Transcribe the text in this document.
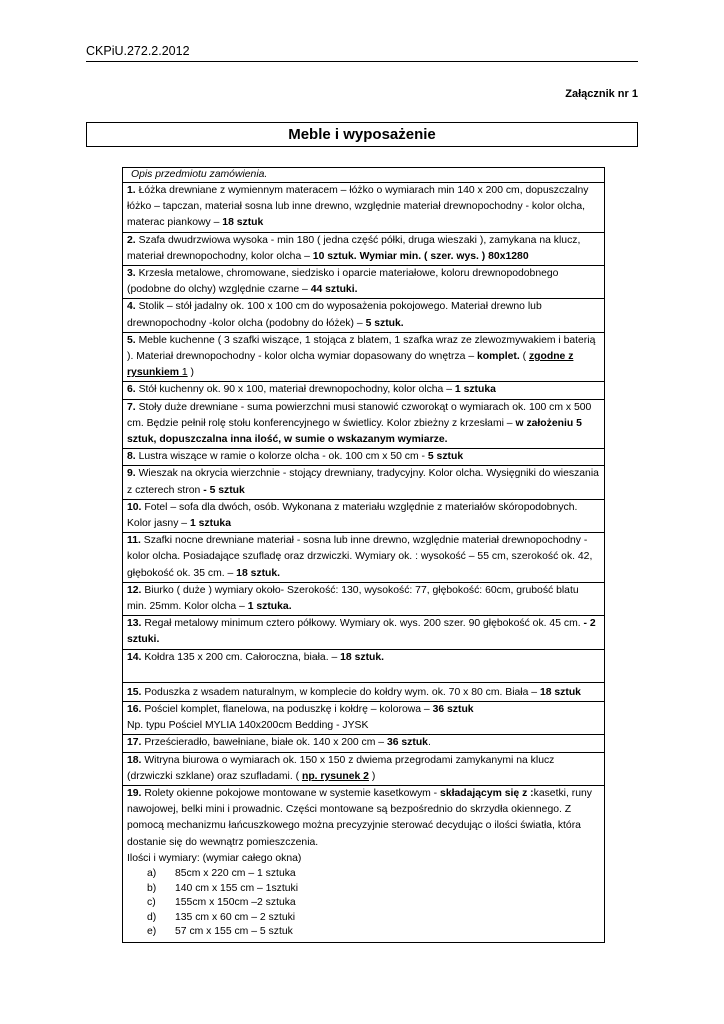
CKPiU.272.2.2012
Załącznik nr 1
Meble i wyposażenie
Opis przedmiotu zamówienia.
1. Łóżka drewniane z wymiennym materacem – łóżko o wymiarach min 140 x 200 cm, dopuszczalny łóżko – tapczan, materiał sosna lub inne drewno, względnie materiał drewnopochodny - kolor olcha, materac piankowy – 18 sztuk
2. Szafa dwudrzwiowa wysoka - min 180 ( jedna część półki, druga wieszaki ), zamykana na klucz, materiał drewnopochodny, kolor olcha – 10 sztuk. Wymiar min. ( szer. wys. ) 80x1280
3. Krzesła metalowe, chromowane, siedzisko i oparcie materiałowe, koloru drewnopodobnego (podobne do olchy) względnie czarne – 44 sztuki.
4. Stolik – stół jadalny ok. 100 x 100 cm do wyposażenia pokojowego. Materiał drewno lub drewnopochodny -kolor olcha (podobny do łóżek) – 5 sztuk.
5. Meble kuchenne ( 3 szafki wiszące, 1 stojąca z blatem, 1 szafka wraz ze zlewozmywakiem i baterią ). Materiał drewnopochodny - kolor olcha wymiar dopasowany do wnętrza – komplet. ( zgodne z rysunkiem 1 )
6. Stół kuchenny ok. 90 x 100, materiał drewnopochodny, kolor olcha – 1 sztuka
7. Stoły duże drewniane - suma powierzchni musi stanowić czworokąt o wymiarach ok. 100 cm x 500 cm. Będzie pełnił rolę stołu konferencyjnego w świetlicy. Kolor zbieżny z krzesłami – w założeniu 5 sztuk, dopuszczalna inna ilość, w sumie o wskazanym wymiarze.
8. Lustra wiszące w ramie o kolorze olcha - ok. 100 cm x 50 cm - 5 sztuk
9. Wieszak na okrycia wierzchnie - stojący drewniany, tradycyjny. Kolor olcha. Wysięgniki do wieszania z czterech stron - 5 sztuk
10. Fotel – sofa dla dwóch, osób. Wykonana z materiału względnie z materiałów skóropodobnych. Kolor jasny – 1 sztuka
11. Szafki nocne drewniane materiał - sosna lub inne drewno, względnie materiał drewnopochodny - kolor olcha. Posiadające szufladę oraz drzwiczki. Wymiary ok. : wysokość – 55 cm, szerokość ok. 42, głębokość ok. 35 cm. – 18 sztuk.
12. Biurko ( duże ) wymiary około- Szerokość: 130, wysokość: 77, głębokość: 60cm, grubość blatu min. 25mm. Kolor olcha – 1 sztuka.
13. Regał metalowy minimum cztero półkowy. Wymiary ok. wys. 200 szer. 90 głębokość ok. 45 cm. - 2 sztuki.
14. Kołdra 135 x 200 cm. Całoroczna, biała. – 18 sztuk.
15. Poduszka z wsadem naturalnym, w komplecie do kołdry wym. ok. 70 x 80 cm. Biała – 18 sztuk

16. Pościel komplet, flanelowa, na poduszkę i kołdrę – kolorowa – 36 sztuk
Np. typu Pościel MYLIA 140x200cm Bedding - JYSK

17. Prześcieradło, bawełniane, białe ok. 140 x 200 cm – 36 sztuk.
18. Witryna biurowa o wymiarach ok. 150 x 150 z dwiema przegrodami zamykanymi na klucz (drzwiczki szklane) oraz szufladami. ( np. rysunek 2 )

19. Rolety okienne pokojowe montowane w systemie kasetkowym - składającym się z :kasetki, runy nawojowej, belki mini i prowadnic. Części montowane są bezpośrednio do skrzydła okiennego. Z pomocą mechanizmu łańcuszkowego można precyzyjnie sterować decydując o ilości światła, która dostanie się do wewnątrz pomieszczenia.
Ilości i wymiary: (wymiar całego okna)
a)	85cm x 220 cm – 1 sztuka
b)	140 cm x 155 cm – 1sztuki
c)	155cm x 150cm –2 sztuka
d)	135 cm x 60 cm – 2 sztuki
e)	57 cm x 155 cm – 5 sztuk
